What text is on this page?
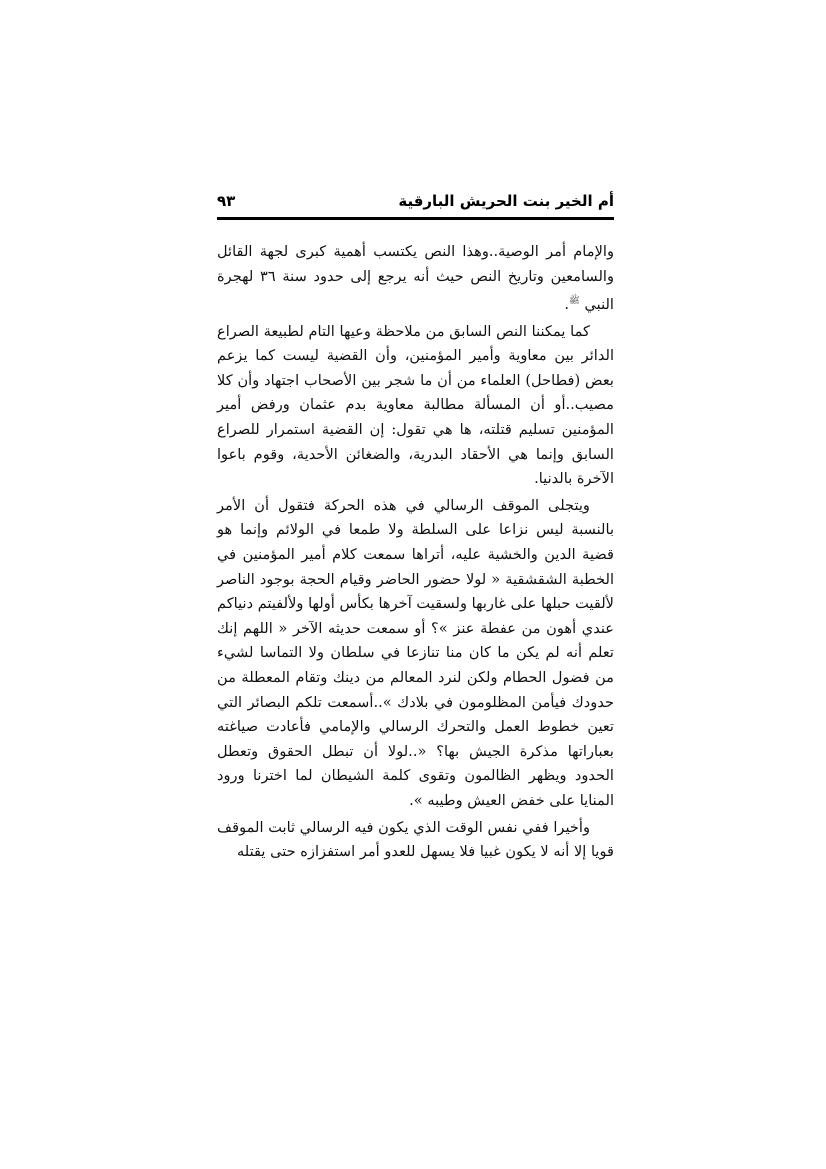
أم الخير بنت الحريش البارقية
٩٣

والإمام أمر الوصية..وهذا النص يكتسب أهمية كبرى لجهة القائل والسامعين وتاريخ النص حيث أنه يرجع إلى حدود سنة ٣٦ لهجرة النبي $^ﷺ$.

كما يمكننا النص السابق من ملاحظة وعيها التام لطبيعة الصراع الدائر بين معاوية وأمير المؤمنين، وأن القضية ليست كما يزعم بعض (فطاحل) العلماء من أن ما شجر بين الأصحاب اجتهاد وأن كلا مصيب..أو أن المسألة مطالبة معاوية بدم عثمان ورفض أمير المؤمنين تسليم قتلته، ها هي تقول: إن القضية استمرار للصراع السابق وإنما هي الأحقاد البدرية، والضغائن الأحدية، وقوم باعوا الآخرة بالدنيا.

ويتجلى الموقف الرسالي في هذه الحركة فتقول أن الأمر بالنسبة ليس نزاعا على السلطة ولا طمعا في الولائم وإنما هو قضية الدين والخشية عليه، أتراها سمعت كلام أمير المؤمنين في الخطبة الشقشقية « لولا حضور الحاضر وقيام الحجة بوجود الناصر لألقيت حبلها على غاربها ولسقيت آخرها بكأس أولها ولألفيتم دنياكم عندي أهون من عفطة عنز »؟ أو سمعت حديثه الآخر « اللهم إنك تعلم أنه لم يكن ما كان منا تنازعا في سلطان ولا التماسا لشيء من فضول الحطام ولكن لنرد المعالم من دينك وتقام المعطلة من حدودك فيأمن المظلومون في بلادك »..أسمعت تلكم البصائر التي تعين خطوط العمل والتحرك الرسالي والإمامي فأعادت صياغته بعباراتها مذكرة الجيش بها؟ «..لولا أن تبطل الحقوق وتعطل الحدود ويظهر الظالمون وتقوى كلمة الشيطان لما اخترنا ورود المنايا على خفض العيش وطيبه ».

وأخيرا ففي نفس الوقت الذي يكون فيه الرسالي ثابت الموقف قويا إلا أنه لا يكون غبيا فلا يسهل للعدو أمر استفزازه حتى يقتله
